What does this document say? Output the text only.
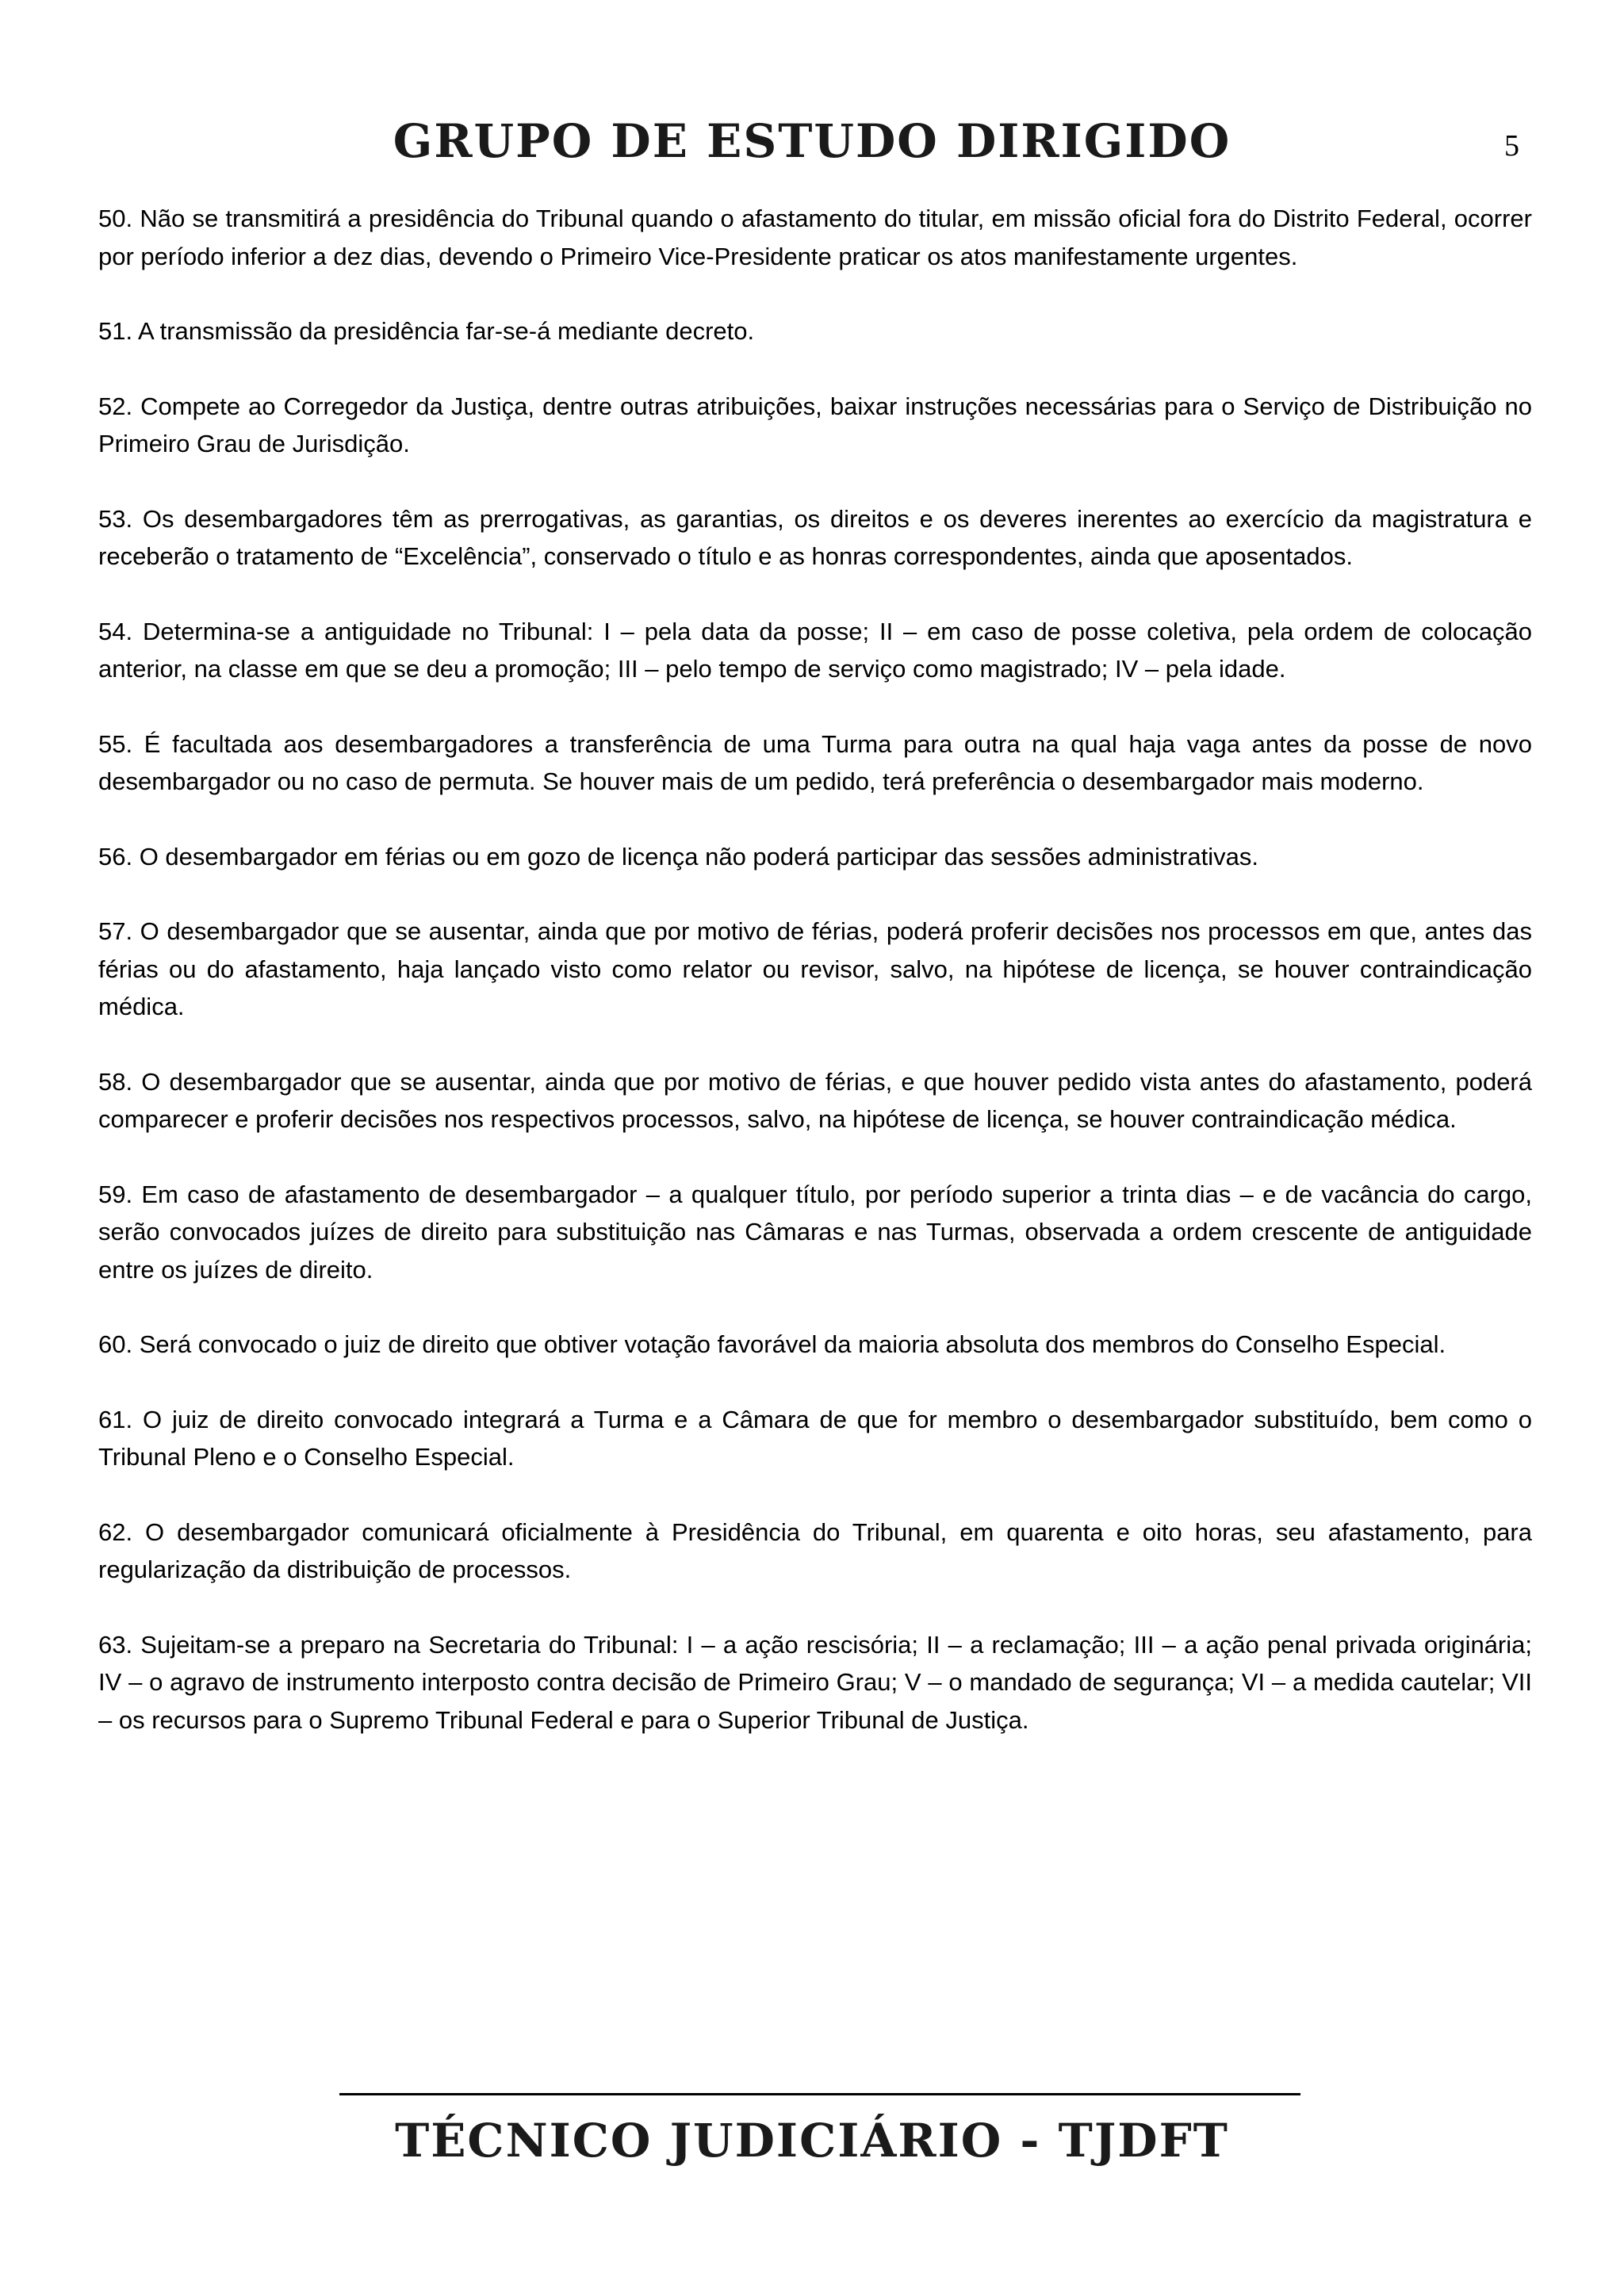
GRUPO DE ESTUDO DIRIGIDO	5

50. Não se transmitirá a presidência do Tribunal quando o afastamento do titular, em missão oficial fora do Distrito Federal, ocorrer por período inferior a dez dias, devendo o Primeiro Vice-Presidente praticar os atos manifestamente urgentes.

51. A transmissão da presidência far-se-á mediante decreto.

52. Compete ao Corregedor da Justiça, dentre outras atribuições, baixar instruções necessárias para o Serviço de Distribuição no Primeiro Grau de Jurisdição.

53. Os desembargadores têm as prerrogativas, as garantias, os direitos e os deveres inerentes ao exercício da magistratura e receberão o tratamento de “Excelência”, conservado o título e as honras correspondentes, ainda que aposentados.

54. Determina-se a antiguidade no Tribunal: I – pela data da posse; II – em caso de posse coletiva, pela ordem de colocação anterior, na classe em que se deu a promoção; III – pelo tempo de serviço como magistrado; IV – pela idade.

55. É facultada aos desembargadores a transferência de uma Turma para outra na qual haja vaga antes da posse de novo desembargador ou no caso de permuta. Se houver mais de um pedido, terá preferência o desembargador mais moderno.

56. O desembargador em férias ou em gozo de licença não poderá participar das sessões administrativas.

57. O desembargador que se ausentar, ainda que por motivo de férias, poderá proferir decisões nos processos em que, antes das férias ou do afastamento, haja lançado visto como relator ou revisor, salvo, na hipótese de licença, se houver contraindicação médica.

58. O desembargador que se ausentar, ainda que por motivo de férias, e que houver pedido vista antes do afastamento, poderá comparecer e proferir decisões nos respectivos processos, salvo, na hipótese de licença, se houver contraindicação médica.

59. Em caso de afastamento de desembargador – a qualquer título, por período superior a trinta dias – e de vacância do cargo, serão convocados juízes de direito para substituição nas Câmaras e nas Turmas, observada a ordem crescente de antiguidade entre os juízes de direito.

60. Será convocado o juiz de direito que obtiver votação favorável da maioria absoluta dos membros do Conselho Especial.

61. O juiz de direito convocado integrará a Turma e a Câmara de que for membro o desembargador substituído, bem como o Tribunal Pleno e o Conselho Especial.

62. O desembargador comunicará oficialmente à Presidência do Tribunal, em quarenta e oito horas, seu afastamento, para regularização da distribuição de processos.

63. Sujeitam-se a preparo na Secretaria do Tribunal: I – a ação rescisória; II – a reclamação; III – a ação penal privada originária; IV – o agravo de instrumento interposto contra decisão de Primeiro Grau; V – o mandado de segurança; VI – a medida cautelar; VII – os recursos para o Supremo Tribunal Federal e para o Superior Tribunal de Justiça.

TÉCNICO JUDICIÁRIO - TJDFT
